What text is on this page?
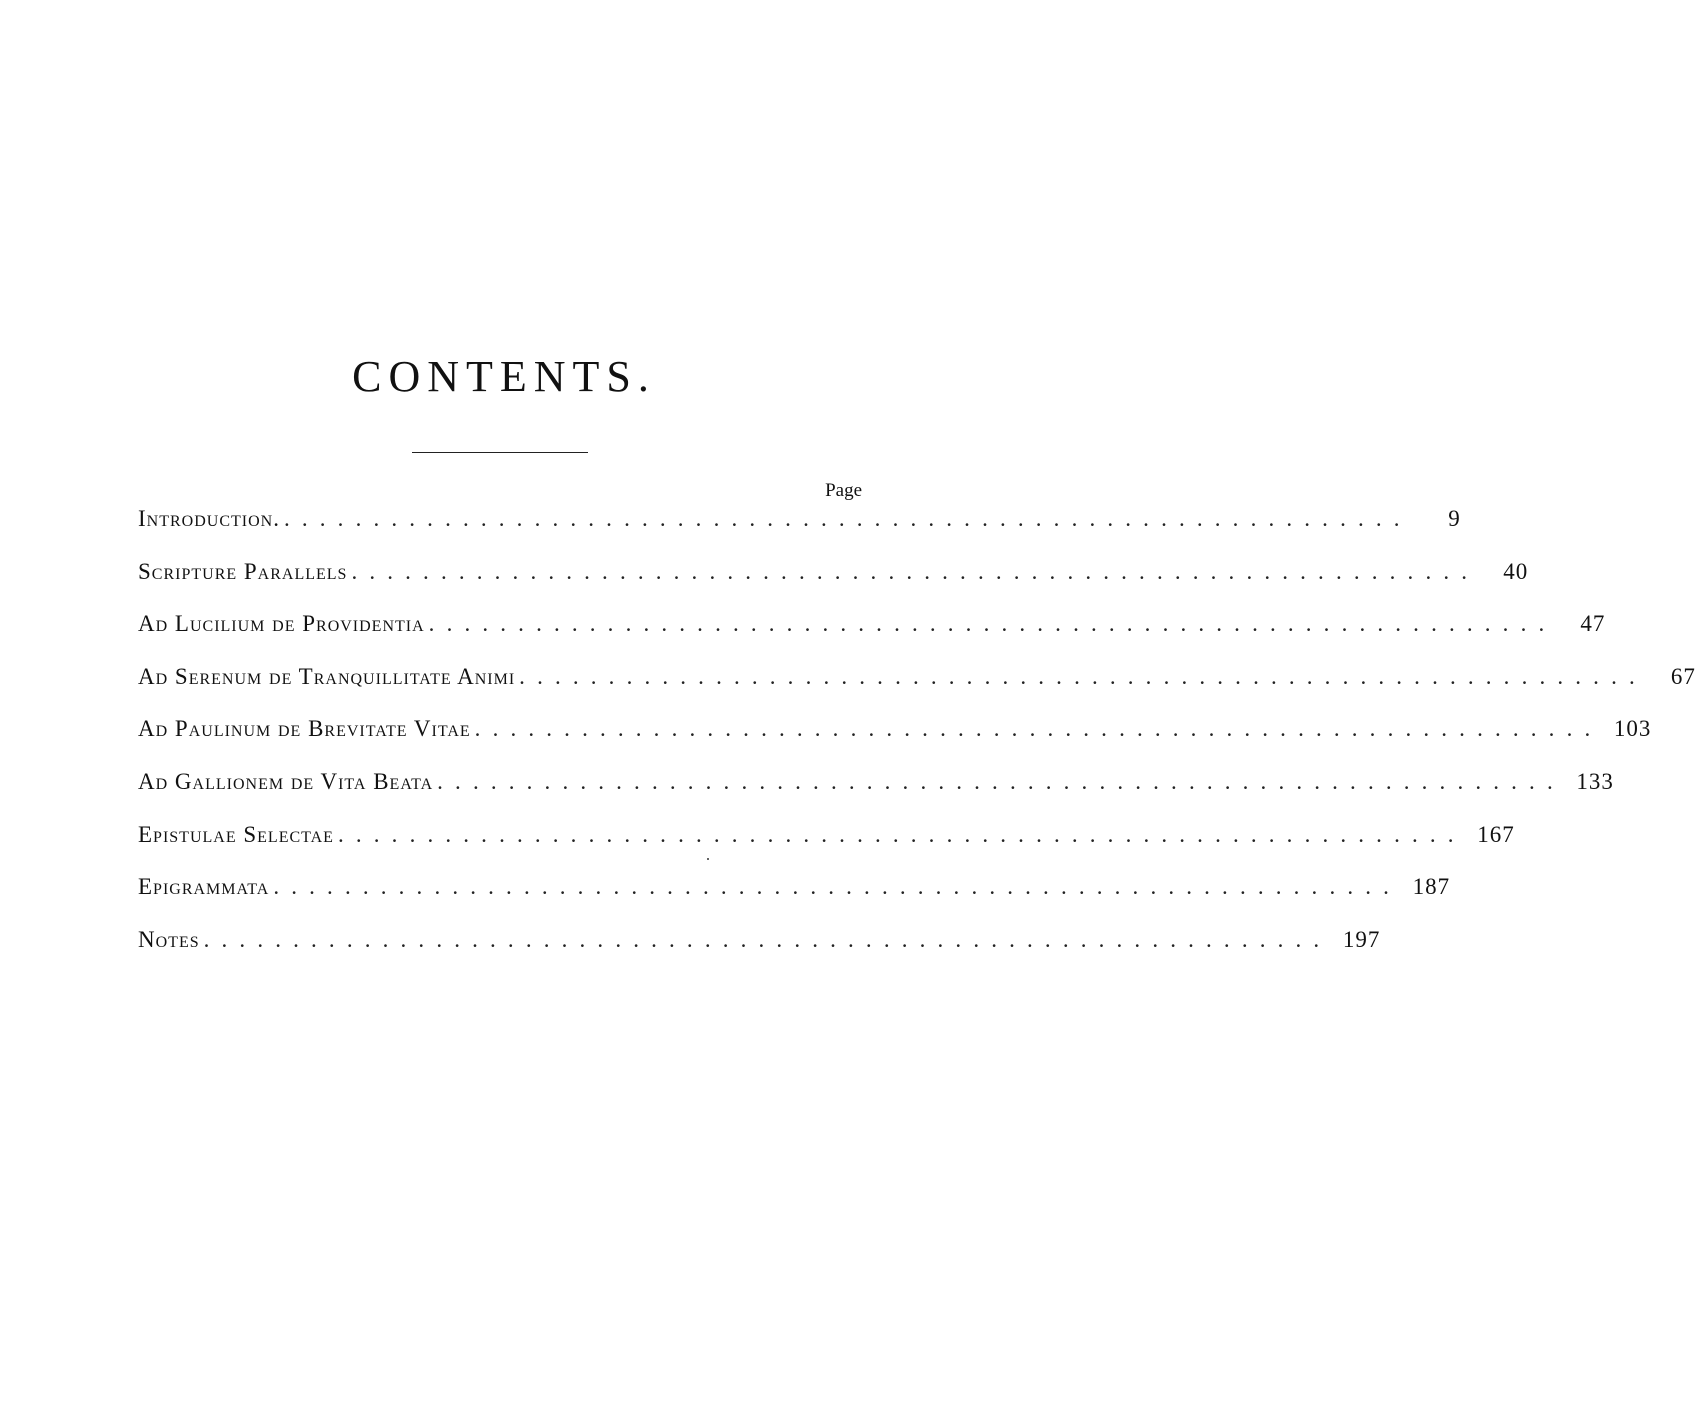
CONTENTS.
Page
Introduction. . . . . . . . . . . . . . . . . . . . . . . . . . . . . . . . . . . . . . . . . . . . . . . . . . . . . . . . . . . . . . . .	9
Scripture Parallels . . . . . . . . . . . . . . . . . . . . . . . . . . . . . . . . . . . . . . . . . . . . . . . . . . . . . . . . . . . . . . .	40
Ad Lucilium de Providentia . . . . . . . . . . . . . . . . . . . . . . . . . . . . . . . . . . . . . . . . . . . . . . . . . . . . . . . . . . . . . . .	47
Ad Serenum de Tranquillitate Animi . . . . . . . . . . . . . . . . . . . . . . . . . . . . . . . . . . . . . . . . . . . . . . . . . . . . . . . . . . . . . . .	67
Ad Paulinum de Brevitate Vitae . . . . . . . . . . . . . . . . . . . . . . . . . . . . . . . . . . . . . . . . . . . . . . . . . . . . . . . . . . . . . . . 103
Ad Gallionem de Vita Beata . . . . . . . . . . . . . . . . . . . . . . . . . . . . . . . . . . . . . . . . . . . . . . . . . . . . . . . . . . . . . . . 133
Epistulae Selectae . . . . . . . . . . . . . . . . . . . . . . . . . . . . . . . . . . . . . . . . . . . . . . . . . . . . . . . . . . . . . . . 167
Epigrammata . . . . . . . . . . . . . . . . . . . . . . . . . . . . . . . . . . . . . . . . . . . . . . . . . . . . . . . . . . . . . . . 187
Notes . . . . . . . . . . . . . . . . . . . . . . . . . . . . . . . . . . . . . . . . . . . . . . . . . . . . . . . . . . . . . . . 197
